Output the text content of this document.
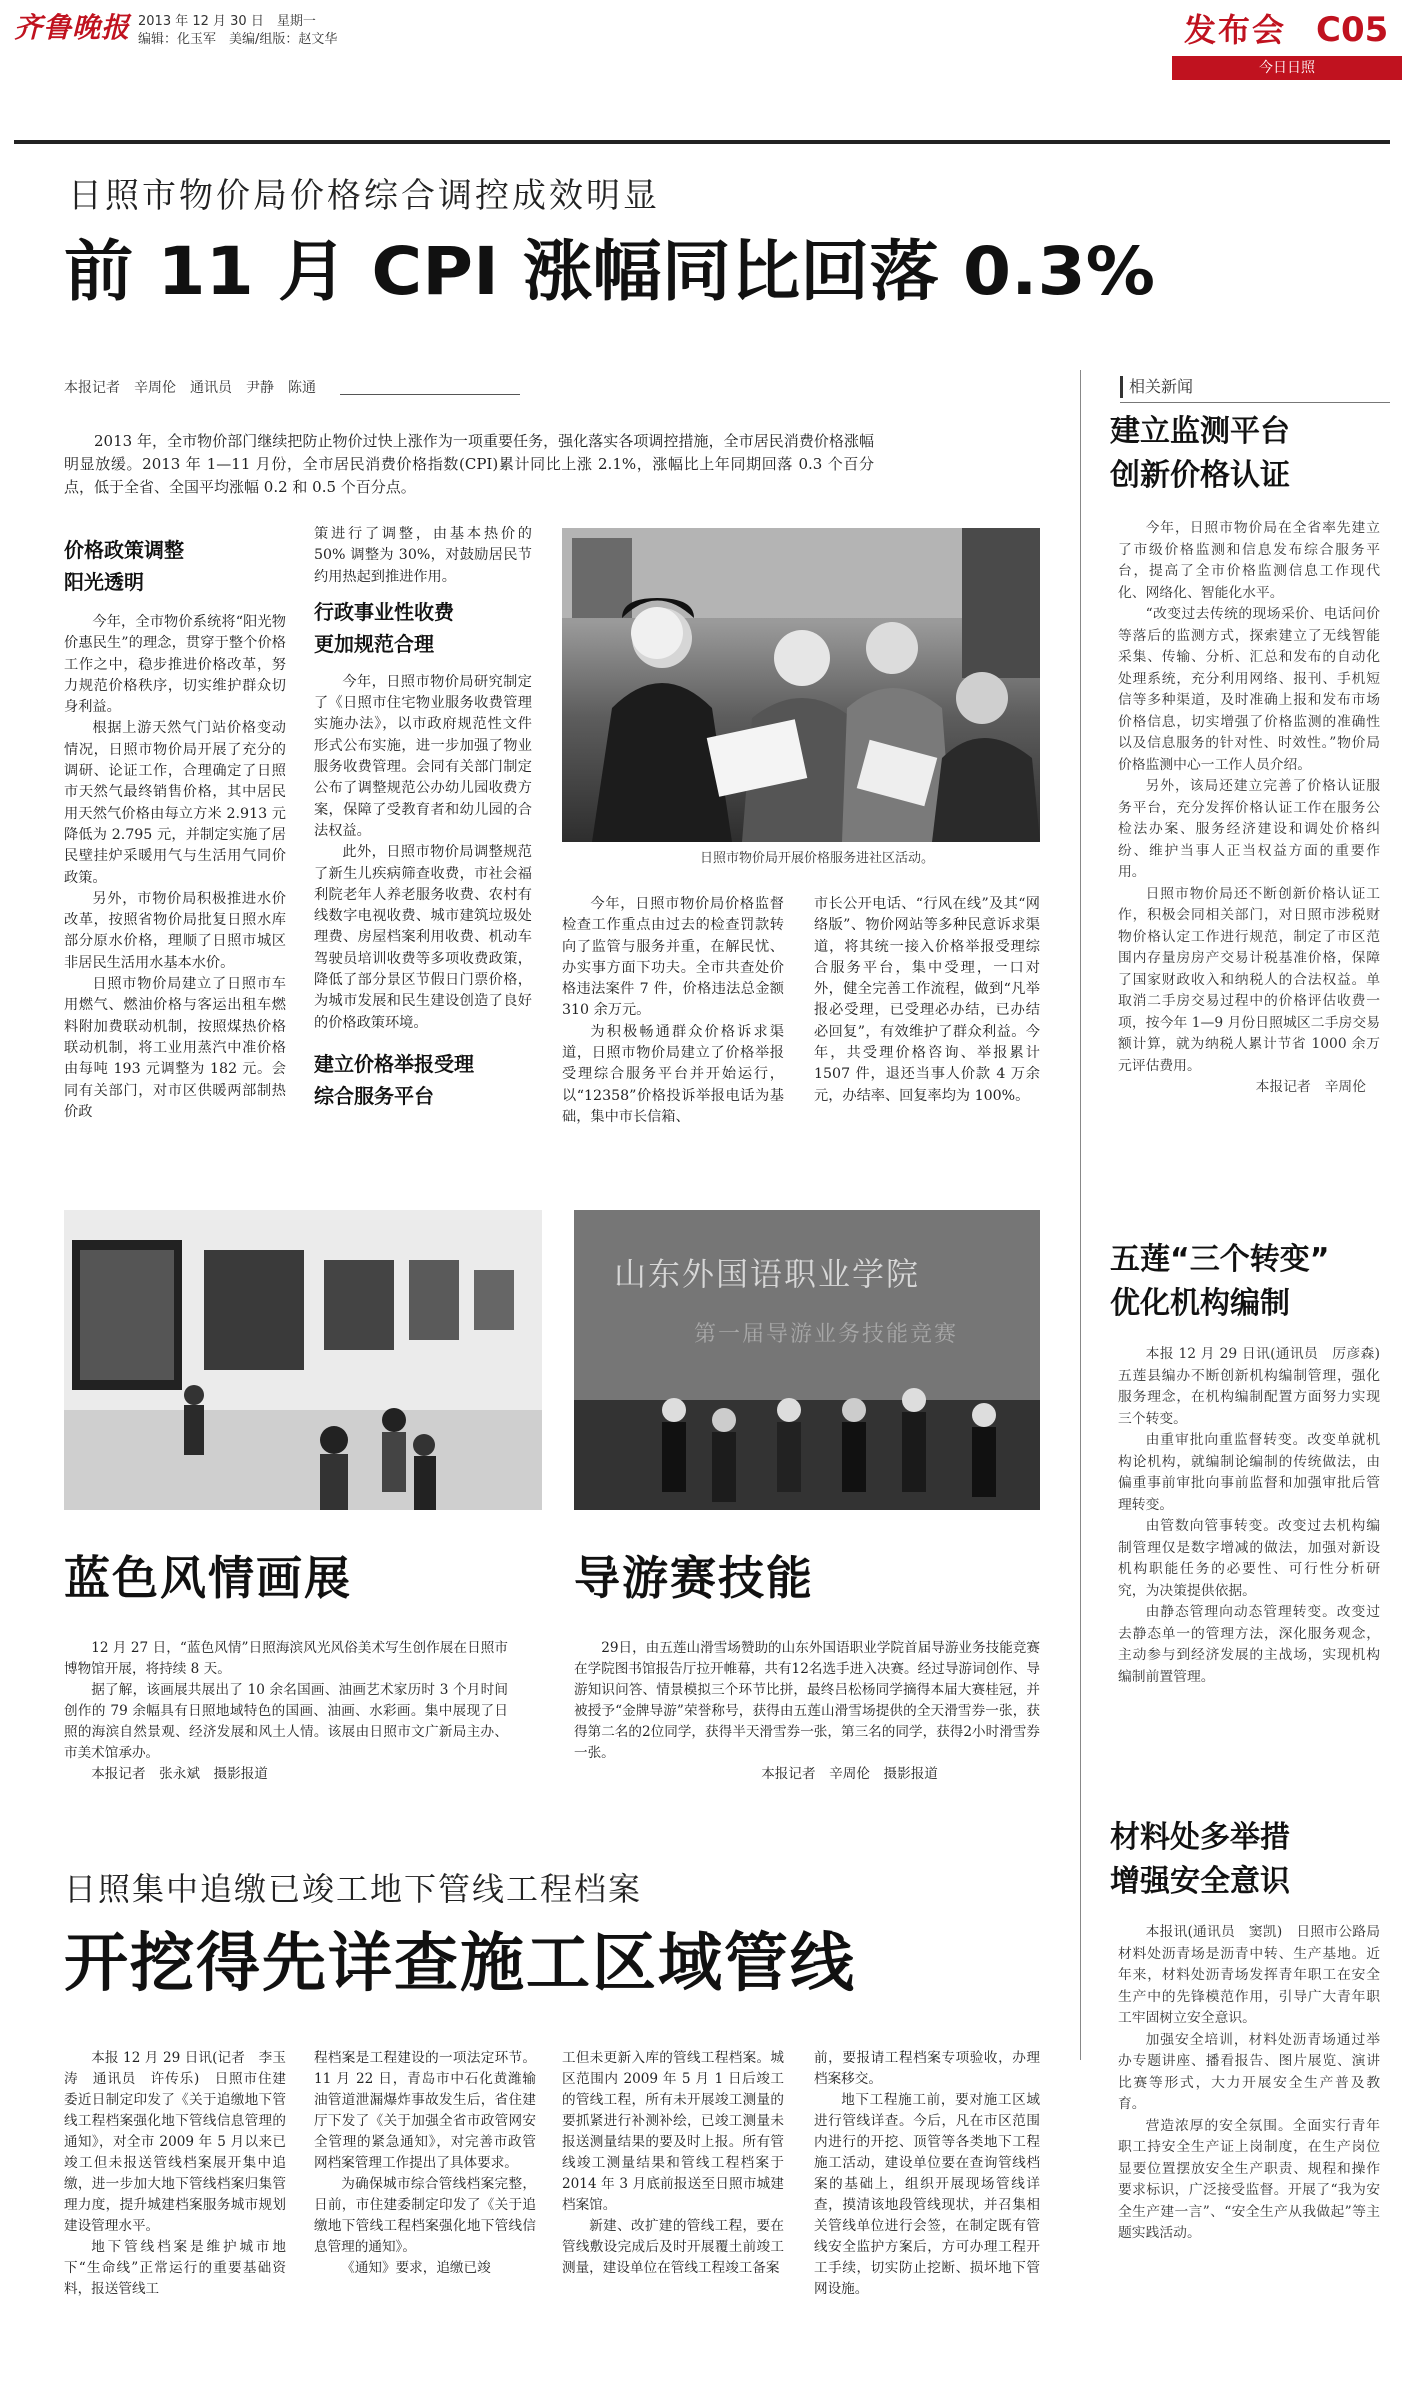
齐鲁晚报 2013 年 12 月 30 日　星期一
编辑：化玉军　美编/组版：赵文华	发布会 C05
今日日照
日照市物价局价格综合调控成效明显
前 11 月 CPI 涨幅同比回落 0.3%
本报记者　辛周伦　通讯员　尹静　陈通

2013 年，全市物价部门继续把防止物价过快上涨作为一项重要任务，强化落实各项调控措施，全市居民消费价格涨幅明显放缓。2013 年 1—11 月份，全市居民消费价格指数(CPI)累计同比上涨 2.1%，涨幅比上年同期回落 0.3 个百分点，低于全省、全国平均涨幅 0.2 和 0.5 个百分点。

价格政策调整
阳光透明

今年，全市物价系统将“阳光物价惠民生”的理念，贯穿于整个价格工作之中，稳步推进价格改革，努力规范价格秩序，切实维护群众切身利益。

根据上游天然气门站价格变动情况，日照市物价局开展了充分的调研、论证工作，合理确定了日照市天然气最终销售价格，其中居民用天然气价格由每立方米 2.913 元降低为 2.795 元，并制定实施了居民壁挂炉采暖用气与生活用气同价政策。

另外，市物价局积极推进水价改革，按照省物价局批复日照水库部分原水价格，理顺了日照市城区非居民生活用水基本水价。

日照市物价局建立了日照市车用燃气、燃油价格与客运出租车燃料附加费联动机制，按照煤热价格联动机制，将工业用蒸汽中准价格由每吨 193 元调整为 182 元。会同有关部门，对市区供暖两部制热价政

策进行了调整，由基本热价的 50% 调整为 30%，对鼓励居民节约用热起到推进作用。

行政事业性收费
更加规范合理

今年，日照市物价局研究制定了《日照市住宅物业服务收费管理实施办法》，以市政府规范性文件形式公布实施，进一步加强了物业服务收费管理。会同有关部门制定公布了调整规范公办幼儿园收费方案，保障了受教育者和幼儿园的合法权益。

此外，日照市物价局调整规范了新生儿疾病筛查收费，市社会福利院老年人养老服务收费、农村有线数字电视收费、城市建筑垃圾处理费、房屋档案利用收费、机动车驾驶员培训收费等多项收费政策，降低了部分景区节假日门票价格，为城市发展和民生建设创造了良好的价格政策环境。

建立价格举报受理
综合服务平台
日照市物价局开展价格服务进社区活动。

今年，日照市物价局价格监督检查工作重点由过去的检查罚款转向了监管与服务并重，在解民忧、办实事方面下功夫。全市共查处价格违法案件 7 件，价格违法总金额 310 余万元。

为积极畅通群众价格诉求渠道，日照市物价局建立了价格举报受理综合服务平台并开始运行，以“12358”价格投诉举报电话为基础，集中市长信箱、

市长公开电话、“行风在线”及其“网络版”、物价网站等多种民意诉求渠道，将其统一接入价格举报受理综合服务平台，集中受理，一口对外，健全完善工作流程，做到“凡举报必受理，已受理必办结，已办结必回复”，有效维护了群众利益。今年，共受理价格咨询、举报累计 1507 件，退还当事人价款 4 万余元，办结率、回复率均为 100%。

相关新闻
建立监测平台
创新价格认证

今年，日照市物价局在全省率先建立了市级价格监测和信息发布综合服务平台，提高了全市价格监测信息工作现代化、网络化、智能化水平。

“改变过去传统的现场采价、电话问价等落后的监测方式，探索建立了无线智能采集、传输、分析、汇总和发布的自动化处理系统，充分利用网络、报刊、手机短信等多种渠道，及时准确上报和发布市场价格信息，切实增强了价格监测的准确性以及信息服务的针对性、时效性。”物价局价格监测中心一工作人员介绍。

另外，该局还建立完善了价格认证服务平台，充分发挥价格认证工作在服务公检法办案、服务经济建设和调处价格纠纷、维护当事人正当权益方面的重要作用。

日照市物价局还不断创新价格认证工作，积极会同相关部门，对日照市涉税财物价格认定工作进行规范，制定了市区范围内存量房房产交易计税基准价格，保障了国家财政收入和纳税人的合法权益。单取消二手房交易过程中的价格评估收费一项，按今年 1—9 月份日照城区二手房交易额计算，就为纳税人累计节省 1000 余万元评估费用。

本报记者　辛周伦

五莲“三个转变”
优化机构编制

本报 12 月 29 日讯(通讯员　厉彦森)　五莲县编办不断创新机构编制管理，强化服务理念，在机构编制配置方面努力实现三个转变。

由重审批向重监督转变。改变单就机构论机构，就编制论编制的传统做法，由偏重事前审批向事前监督和加强审批后管理转变。

由管数向管事转变。改变过去机构编制管理仅是数字增减的做法，加强对新设机构职能任务的必要性、可行性分析研究，为决策提供依据。

由静态管理向动态管理转变。改变过去静态单一的管理方法，深化服务观念，主动参与到经济发展的主战场，实现机构编制前置管理。

材料处多举措
增强安全意识

本报讯(通讯员　窦凯)　日照市公路局材料处沥青场是沥青中转、生产基地。近年来，材料处沥青场发挥青年职工在安全生产中的先锋模范作用，引导广大青年职工牢固树立安全意识。

加强安全培训，材料处沥青场通过举办专题讲座、播看报告、图片展览、演讲比赛等形式，大力开展安全生产普及教育。

营造浓厚的安全氛围。全面实行青年职工持安全生产证上岗制度，在生产岗位显要位置摆放安全生产职责、规程和操作要求标识，广泛接受监督。开展了“我为安全生产建一言”、“安全生产从我做起”等主题实践活动。

蓝色风情画展

12 月 27 日，“蓝色风情”日照海滨风光风俗美术写生创作展在日照市博物馆开展，将持续 8 天。

据了解，该画展共展出了 10 余名国画、油画艺术家历时 3 个月时间创作的 79 余幅具有日照地域特色的国画、油画、水彩画。集中展现了日照的海滨自然景观、经济发展和风土人情。该展由日照市文广新局主办、市美术馆承办。

本报记者　张永斌　摄影报道

山东外国语职业学院
第一届导游业务技能竞赛
导游赛技能

29日，由五莲山滑雪场赞助的山东外国语职业学院首届导游业务技能竞赛在学院图书馆报告厅拉开帷幕，共有12名选手进入决赛。经过导游词创作、导游知识问答、情景模拟三个环节比拼，最终吕松杨同学摘得本届大赛桂冠，并被授予“金牌导游”荣誉称号，获得由五莲山滑雪场提供的全天滑雪券一张，获得第二名的2位同学，获得半天滑雪券一张，第三名的同学，获得2小时滑雪券一张。

本报记者　辛周伦　摄影报道

日照集中追缴已竣工地下管线工程档案
开挖得先详查施工区域管线

本报 12 月 29 日讯(记者　李玉涛　通讯员　许传乐)　日照市住建委近日制定印发了《关于追缴地下管线工程档案强化地下管线信息管理的通知》，对全市 2009 年 5 月以来已竣工但未报送管线档案展开集中追缴，进一步加大地下管线档案归集管理力度，提升城建档案服务城市规划建设管理水平。

地下管线档案是维护城市地下“生命线”正常运行的重要基础资料，报送管线工

程档案是工程建设的一项法定环节。11 月 22 日，青岛市中石化黄潍输油管道泄漏爆炸事故发生后，省住建厅下发了《关于加强全省市政管网安全管理的紧急通知》，对完善市政管网档案管理工作提出了具体要求。

为确保城市综合管线档案完整，日前，市住建委制定印发了《关于追缴地下管线工程档案强化地下管线信息管理的通知》。

《通知》要求，追缴已竣

工但未更新入库的管线工程档案。城区范围内 2009 年 5 月 1 日后竣工的管线工程，所有未开展竣工测量的要抓紧进行补测补绘，已竣工测量未报送测量结果的要及时上报。所有管线竣工测量结果和管线工程档案于 2014 年 3 月底前报送至日照市城建档案馆。

新建、改扩建的管线工程，要在管线敷设完成后及时开展覆土前竣工测量，建设单位在管线工程竣工备案

前，要报请工程档案专项验收，办理档案移交。

地下工程施工前，要对施工区域进行管线详查。今后，凡在市区范围内进行的开挖、顶管等各类地下工程施工活动，建设单位要在查询管线档案的基础上，组织开展现场管线详查，摸清该地段管线现状，并召集相关管线单位进行会签，在制定既有管线安全监护方案后，方可办理工程开工手续，切实防止挖断、损坏地下管网设施。
